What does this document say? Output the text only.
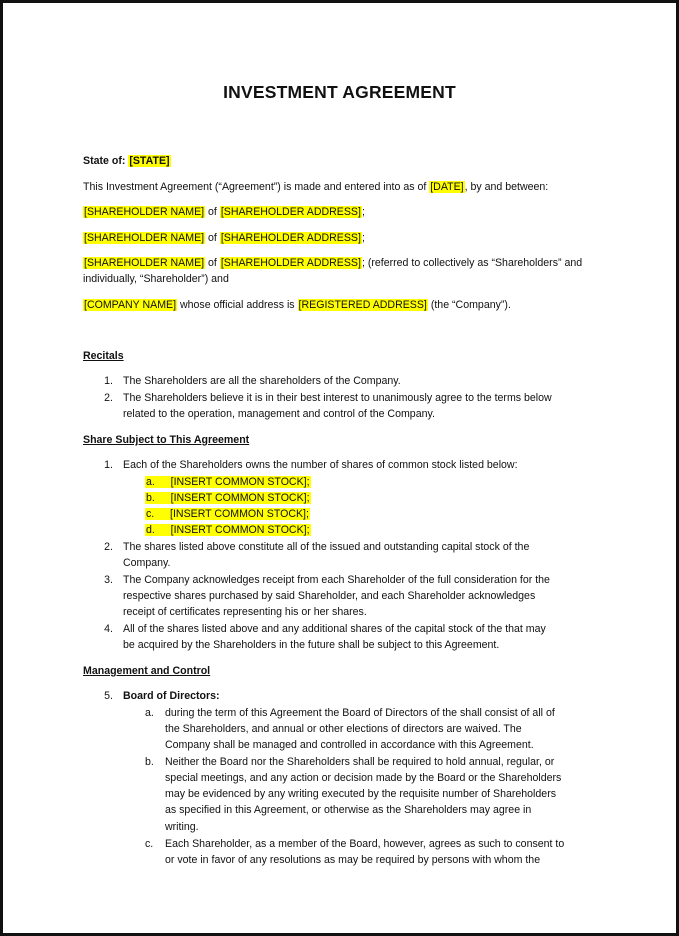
INVESTMENT AGREEMENT
State of: [STATE]
This Investment Agreement (“Agreement”) is made and entered into as of [DATE], by and between:
[SHAREHOLDER NAME] of [SHAREHOLDER ADDRESS];
[SHAREHOLDER NAME] of [SHAREHOLDER ADDRESS];
[SHAREHOLDER NAME] of [SHAREHOLDER ADDRESS]; (referred to collectively as “Shareholders” and
individually, “Shareholder”) and
[COMPANY NAME] whose official address is [REGISTERED ADDRESS] (the “Company”).
Recitals
1. The Shareholders are all the shareholders of the Company.
2. The Shareholders believe it is in their best interest to unanimously agree to the terms below
related to the operation, management and control of the Company.
Share Subject to This Agreement
1. Each of the Shareholders owns the number of shares of common stock listed below:
a. [INSERT COMMON STOCK];
b. [INSERT COMMON STOCK];
c. [INSERT COMMON STOCK];
d. [INSERT COMMON STOCK];
2. The shares listed above constitute all of the issued and outstanding capital stock of the
Company.
3. The Company acknowledges receipt from each Shareholder of the full consideration for the
respective shares purchased by said Shareholder, and each Shareholder acknowledges
receipt of certificates representing his or her shares.
4. All of the shares listed above and any additional shares of the capital stock of the that may
be acquired by the Shareholders in the future shall be subject to this Agreement.
Management and Control
5. Board of Directors:
a. during the term of this Agreement the Board of Directors of the shall consist of all of
the Shareholders, and annual or other elections of directors are waived. The
Company shall be managed and controlled in accordance with this Agreement.
b. Neither the Board nor the Shareholders shall be required to hold annual, regular, or
special meetings, and any action or decision made by the Board or the Shareholders
may be evidenced by any writing executed by the requisite number of Shareholders
as specified in this Agreement, or otherwise as the Shareholders may agree in
writing.
c. Each Shareholder, as a member of the Board, however, agrees as such to consent to
or vote in favor of any resolutions as may be required by persons with whom the
